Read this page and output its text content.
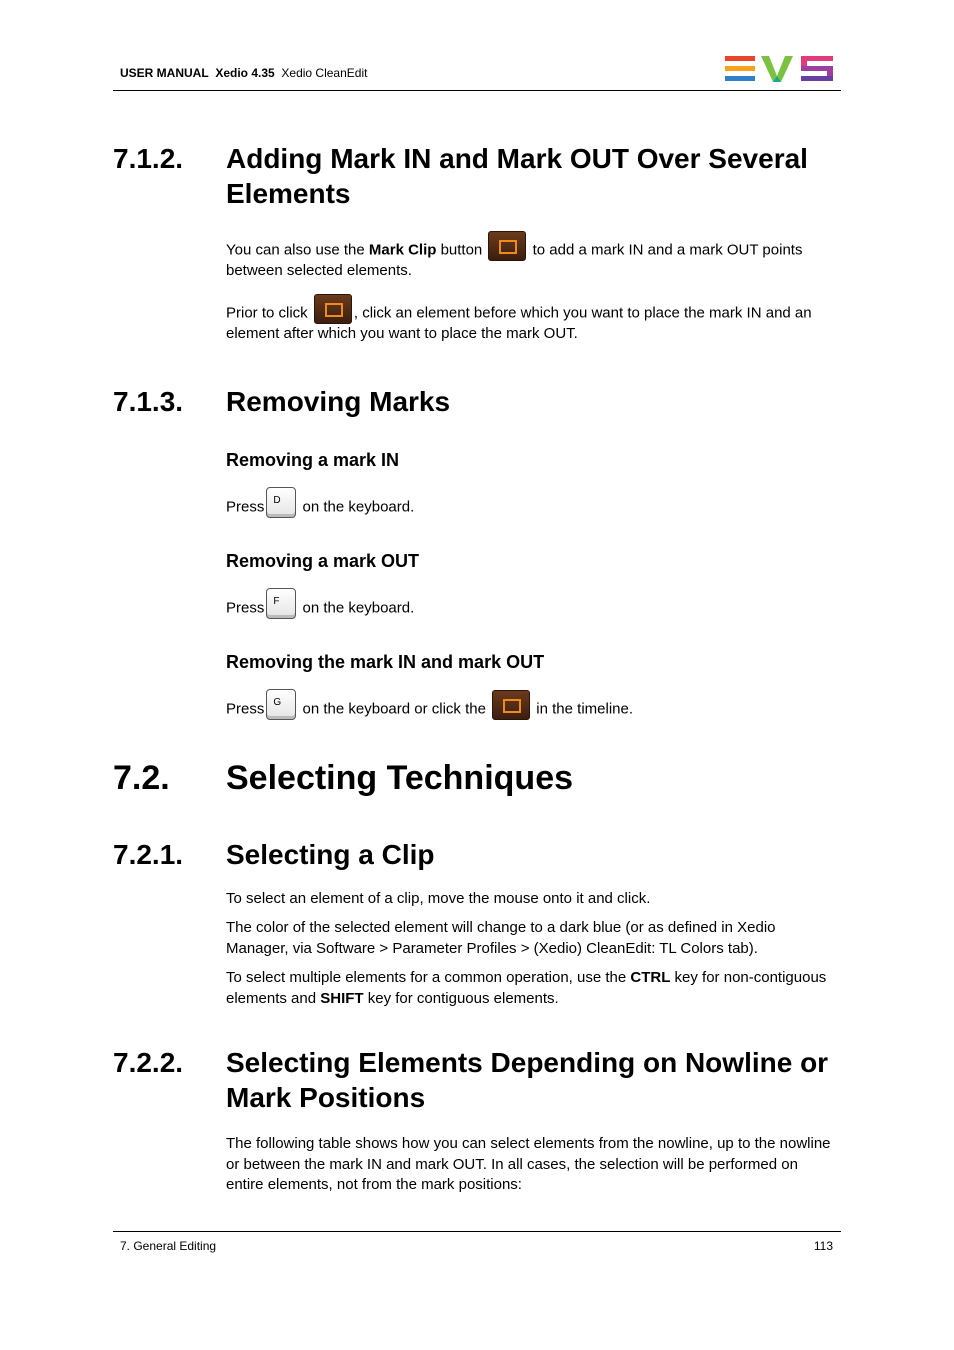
USER MANUAL Xedio 4.35 Xedio CleanEdit
7.1.2. Adding Mark IN and Mark OUT Over Several Elements
You can also use the Mark Clip button	to add a mark IN and a mark OUT points between selected elements.
Prior to click	, click an element before which you want to place the mark IN and an element after which you want to place the mark OUT.
7.1.3. Removing Marks
Removing a mark IN
Press D on the keyboard.
Removing a mark OUT
Press F on the keyboard.
Removing the mark IN and mark OUT
Press G on the keyboard or click the	in the timeline.
7.2. Selecting Techniques
7.2.1. Selecting a Clip
To select an element of a clip, move the mouse onto it and click.
The color of the selected element will change to a dark blue (or as defined in Xedio Manager, via Software > Parameter Profiles > (Xedio) CleanEdit: TL Colors tab).
To select multiple elements for a common operation, use the CTRL key for non-contiguous elements and SHIFT key for contiguous elements.
7.2.2. Selecting Elements Depending on Nowline or Mark Positions
The following table shows how you can select elements from the nowline, up to the nowline or between the mark IN and mark OUT. In all cases, the selection will be performed on entire elements, not from the mark positions:
7. General Editing	113
